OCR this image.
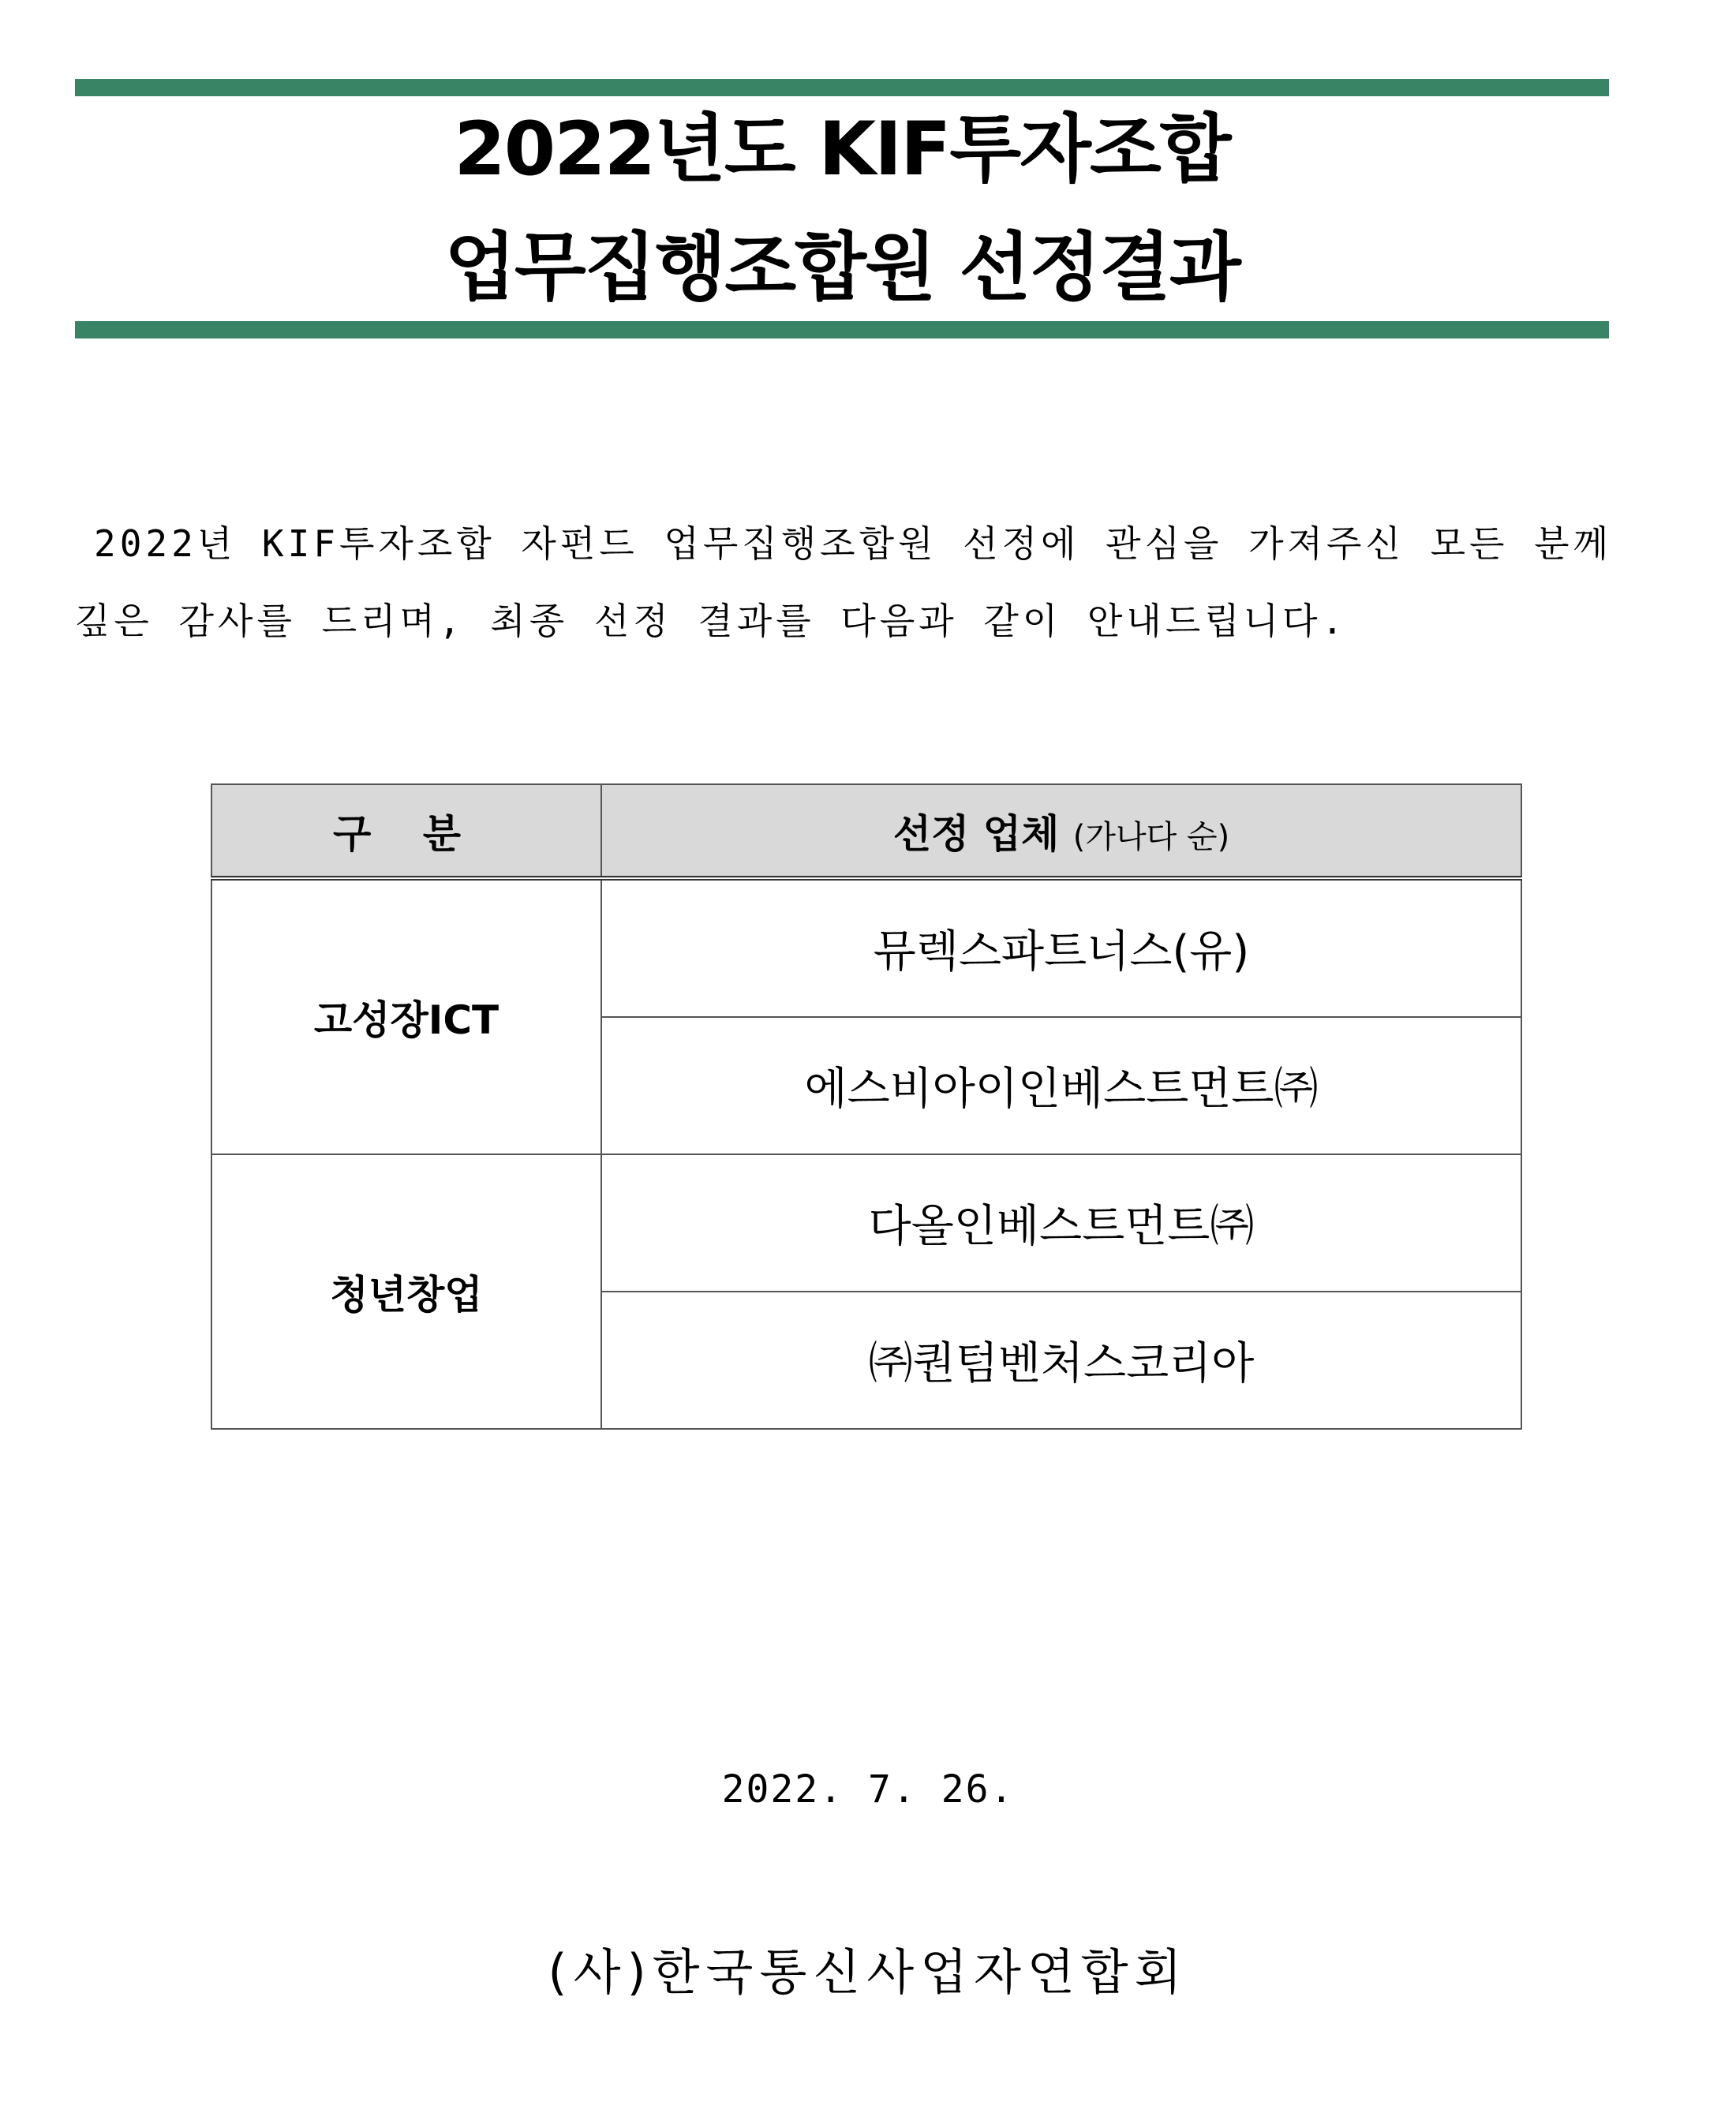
2022년도 KIF투자조합
업무집행조합원 선정결과
2022년 KIF투자조합 자펀드 업무집행조합원 선정에 관심을 가져주신 모든 분께
깊은 감사를 드리며, 최종 선정 결과를 다음과 같이 안내드립니다.
구 분	선정 업체 (가나다 순)
고성장ICT	뮤렉스파트너스(유)
	에스비아이인베스트먼트㈜
청년창업	다올인베스트먼트㈜
	㈜퀀텀벤처스코리아
2022. 7. 26.
(사)한국통신사업자연합회
